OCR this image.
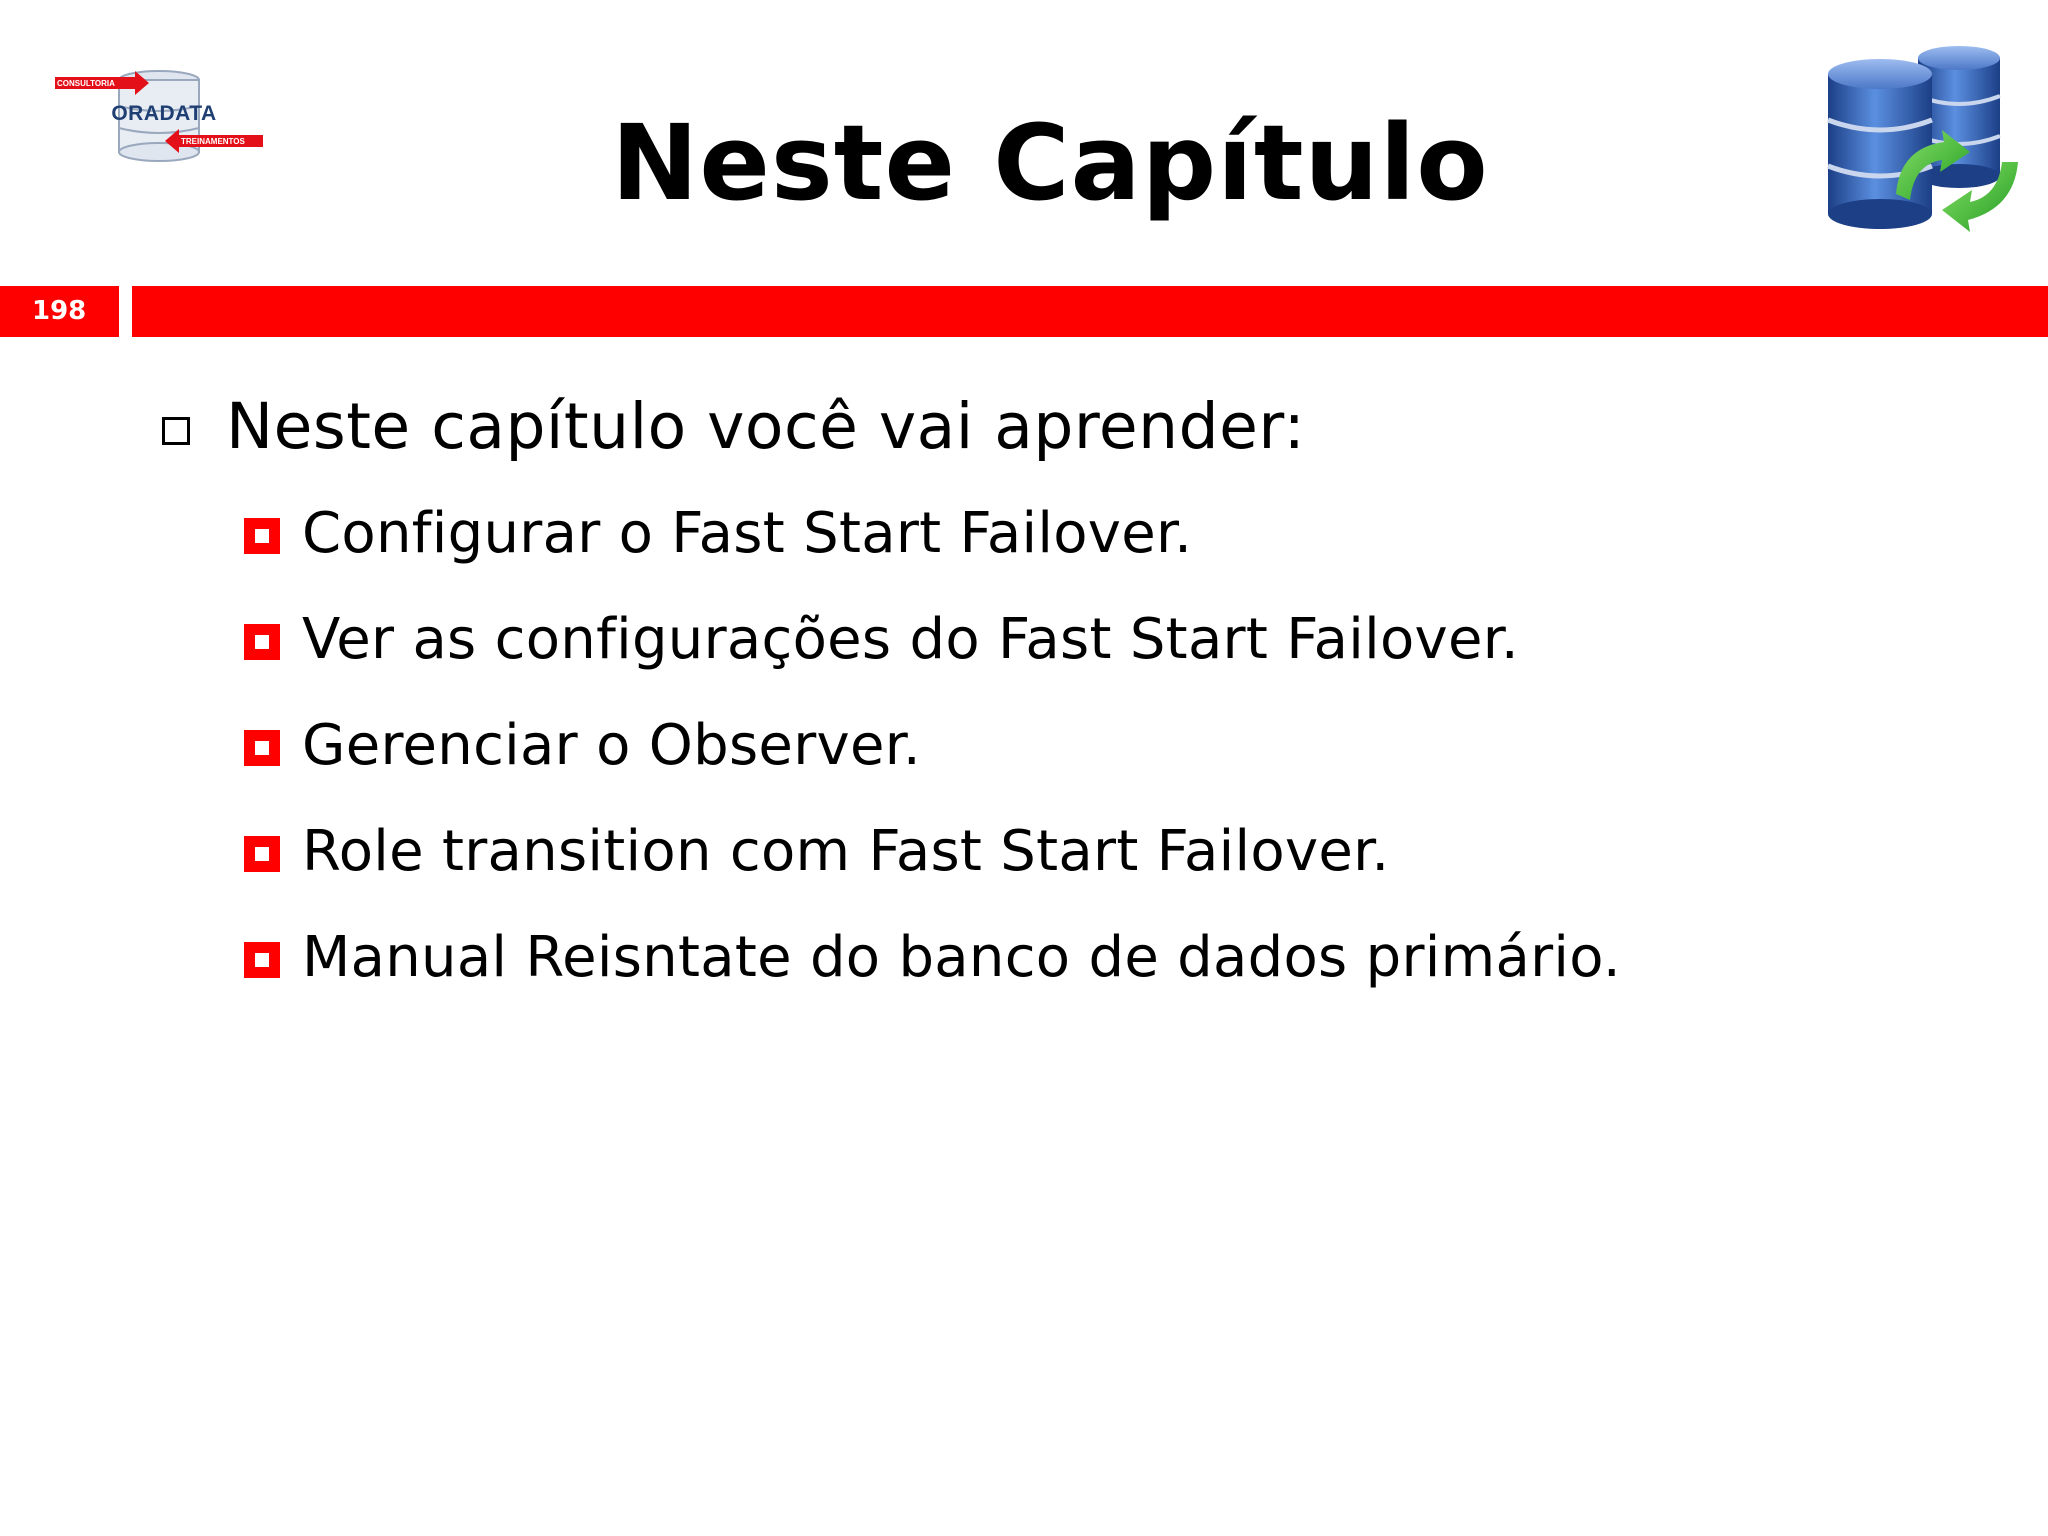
CONSULTORIA
ORADATA
TREINAMENTOS	Neste Capítulo
198
Neste capítulo você vai aprender:
Configurar o Fast Start Failover.
Ver as configurações do Fast Start Failover.
Gerenciar o Observer.
Role transition com Fast Start Failover.
Manual Reisntate do banco de dados primário.
